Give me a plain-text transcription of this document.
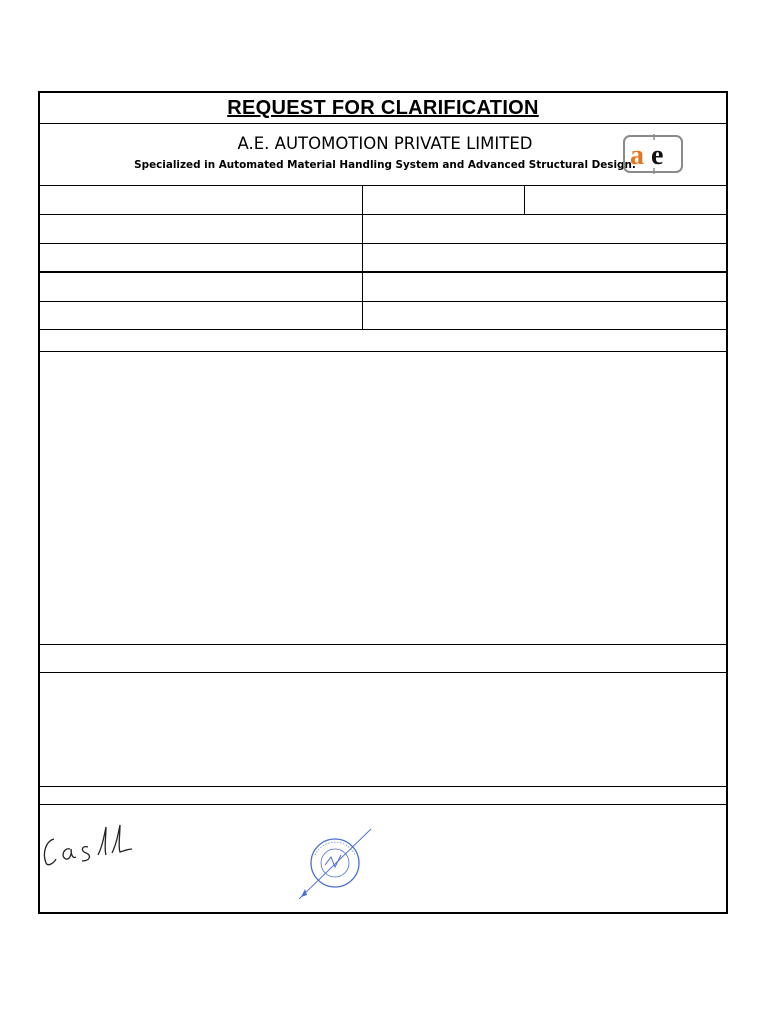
REQUEST FOR CLARIFICATION
A.E. AUTOMOTION PRIVATE LIMITED
Specialized in Automated Material Handling System and Advanced Structural Design.
a e
